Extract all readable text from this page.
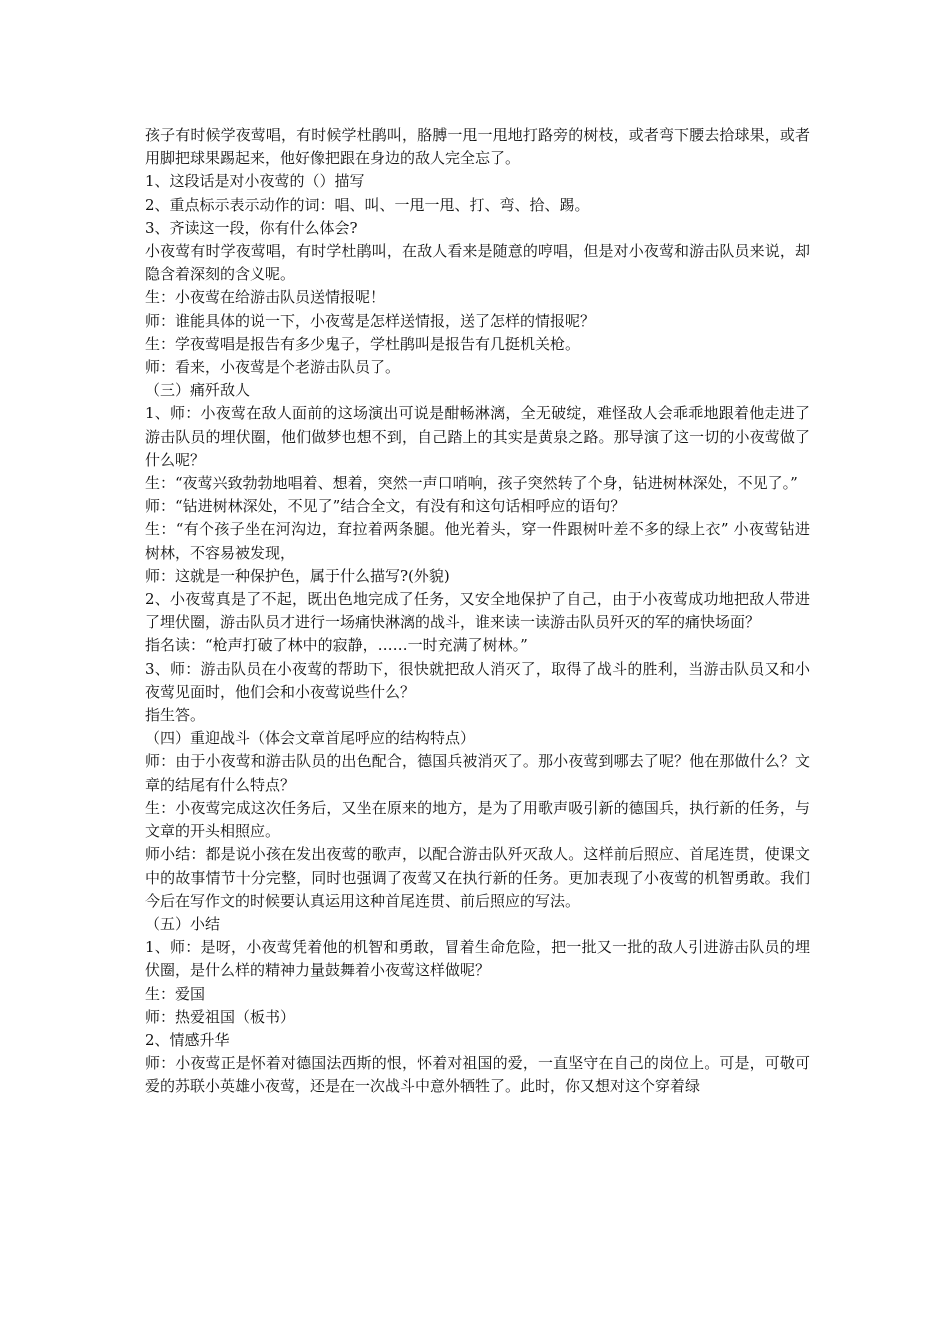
孩子有时候学夜莺唱，有时候学杜鹃叫，胳膊一甩一甩地打路旁的树枝，或者弯下腰去拾球果，或者用脚把球果踢起来，他好像把跟在身边的敌人完全忘了。

1、这段话是对小夜莺的（）描写

2、重点标示表示动作的词：唱、叫、一甩一甩、打、弯、拾、踢。

3、齐读这一段，你有什么体会?

小夜莺有时学夜莺唱，有时学杜鹃叫，在敌人看来是随意的哼唱，但是对小夜莺和游击队员来说，却隐含着深刻的含义呢。

生：小夜莺在给游击队员送情报呢！

师：谁能具体的说一下，小夜莺是怎样送情报，送了怎样的情报呢？

生：学夜莺唱是报告有多少鬼子，学杜鹃叫是报告有几挺机关枪。

师：看来，小夜莺是个老游击队员了。

（三）痛歼敌人

1、师：小夜莺在敌人面前的这场演出可说是酣畅淋漓，全无破绽，难怪敌人会乖乖地跟着他走进了游击队员的埋伏圈，他们做梦也想不到，自己踏上的其实是黄泉之路。那导演了这一切的小夜莺做了什么呢？

生：“夜莺兴致勃勃地唱着、想着，突然一声口哨响，孩子突然转了个身，钻进树林深处，不见了。”

师：“钻进树林深处，不见了”结合全文，有没有和这句话相呼应的语句？

生：“有个孩子坐在河沟边，耷拉着两条腿。他光着头，穿一件跟树叶差不多的绿上衣” 小夜莺钻进树林，不容易被发现，

师：这就是一种保护色，属于什么描写?(外貌)

2、小夜莺真是了不起，既出色地完成了任务，又安全地保护了自己，由于小夜莺成功地把敌人带进了埋伏圈，游击队员才进行一场痛快淋漓的战斗，谁来读一读游击队员歼灭的军的痛快场面？

指名读：“枪声打破了林中的寂静，……一时充满了树林。”

3、师：游击队员在小夜莺的帮助下，很快就把敌人消灭了，取得了战斗的胜利，当游击队员又和小夜莺见面时，他们会和小夜莺说些什么？

指生答。

（四）重迎战斗（体会文章首尾呼应的结构特点）

师：由于小夜莺和游击队员的出色配合，德国兵被消灭了。那小夜莺到哪去了呢？他在那做什么？文章的结尾有什么特点？

生：小夜莺完成这次任务后，又坐在原来的地方，是为了用歌声吸引新的德国兵，执行新的任务，与文章的开头相照应。

师小结：都是说小孩在发出夜莺的歌声，以配合游击队歼灭敌人。这样前后照应、首尾连贯，使课文中的故事情节十分完整，同时也强调了夜莺又在执行新的任务。更加表现了小夜莺的机智勇敢。我们今后在写作文的时候要认真运用这种首尾连贯、前后照应的写法。

（五）小结

1、师：是呀，小夜莺凭着他的机智和勇敢，冒着生命危险，把一批又一批的敌人引进游击队员的埋伏圈，是什么样的精神力量鼓舞着小夜莺这样做呢？

生：爱国

师：热爱祖国（板书）

2、情感升华

师：小夜莺正是怀着对德国法西斯的恨，怀着对祖国的爱，一直坚守在自己的岗位上。可是，可敬可爱的苏联小英雄小夜莺，还是在一次战斗中意外牺牲了。此时，你又想对这个穿着绿
